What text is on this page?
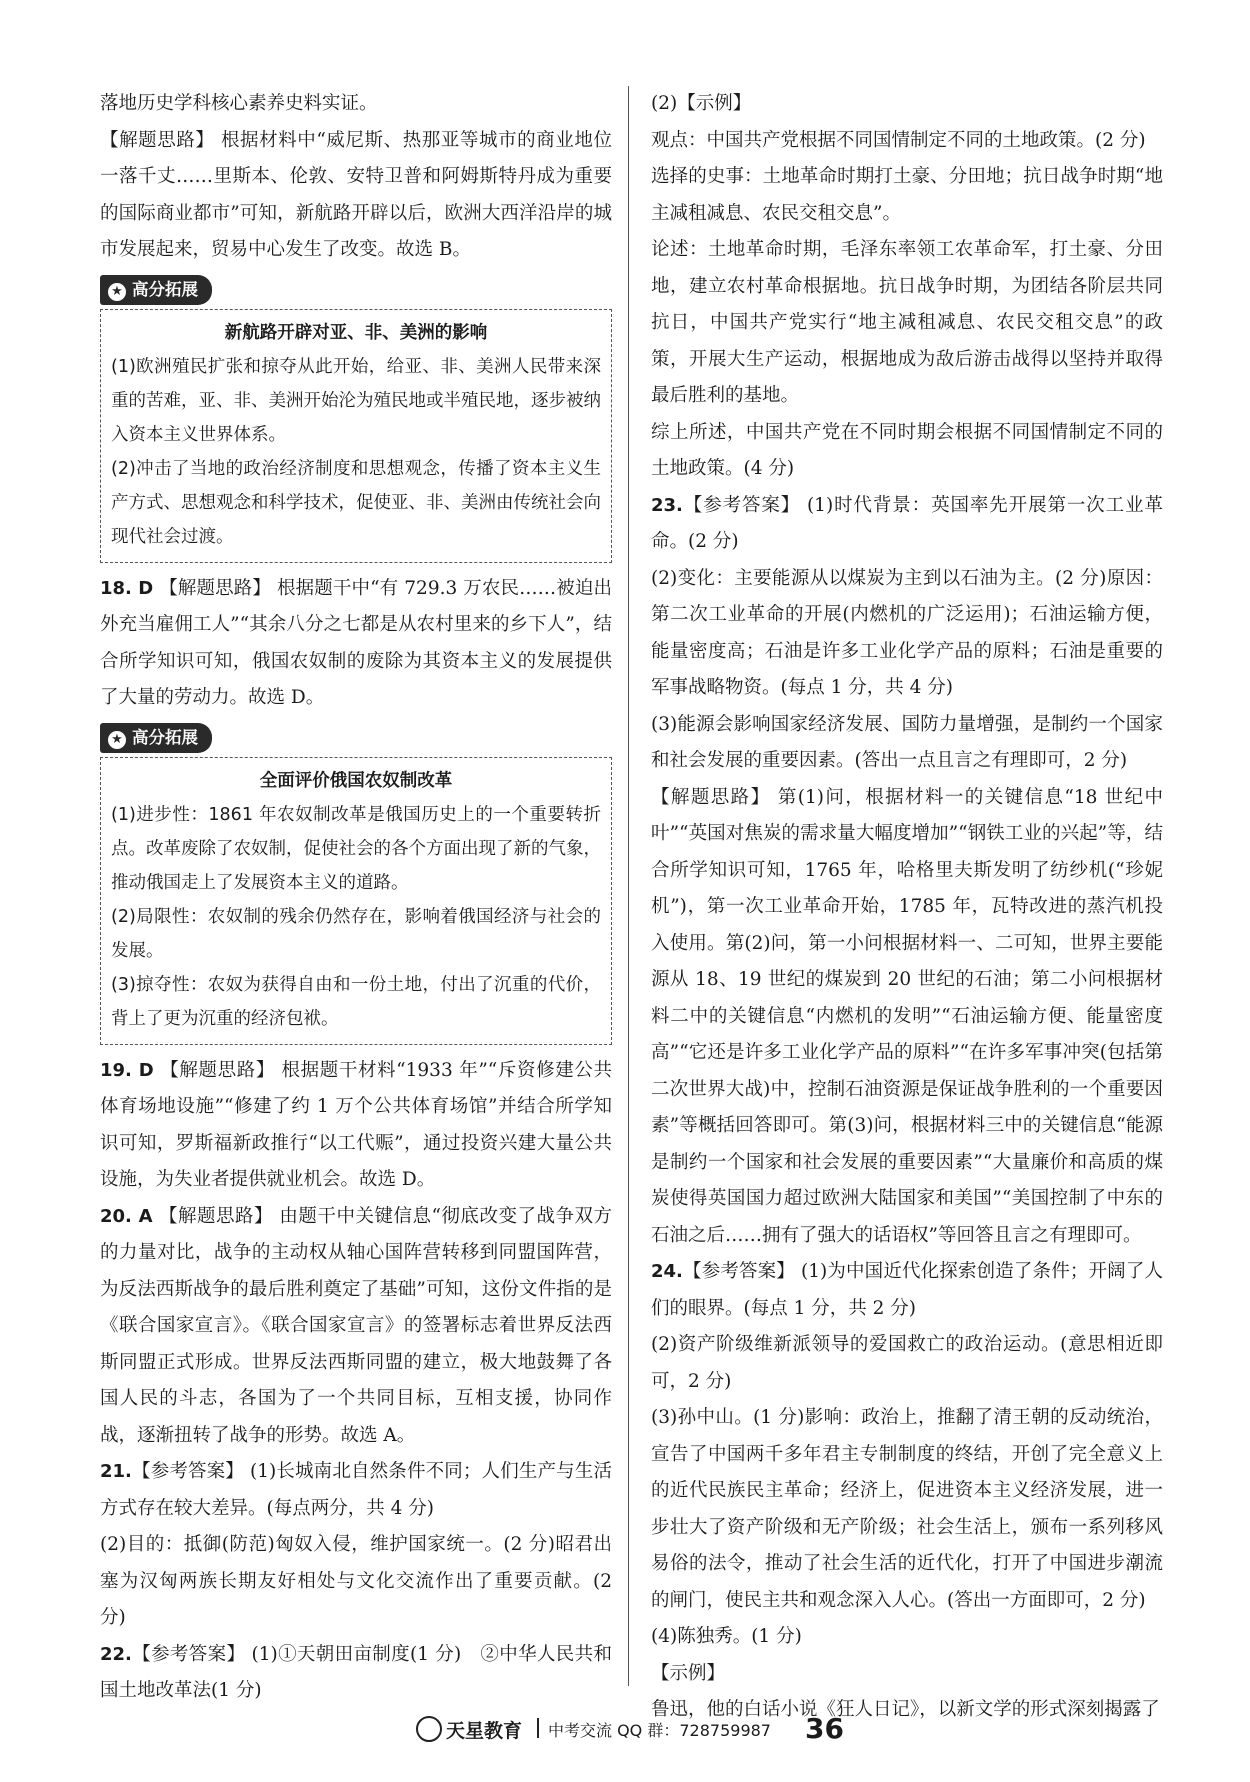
落地历史学科核心素养史料实证。

【解题思路】 根据材料中“威尼斯、热那亚等城市的商业地位一落千丈……里斯本、伦敦、安特卫普和阿姆斯特丹成为重要的国际商业都市”可知，新航路开辟以后，欧洲大西洋沿岸的城市发展起来，贸易中心发生了改变。故选 B。

★ 高分拓展

新航路开辟对亚、非、美洲的影响

(1)欧洲殖民扩张和掠夺从此开始，给亚、非、美洲人民带来深重的苦难，亚、非、美洲开始沦为殖民地或半殖民地，逐步被纳入资本主义世界体系。

(2)冲击了当地的政治经济制度和思想观念，传播了资本主义生产方式、思想观念和科学技术，促使亚、非、美洲由传统社会向现代社会过渡。

18. D 【解题思路】 根据题干中“有 729.3 万农民……被迫出外充当雇佣工人”“其余八分之七都是从农村里来的乡下人”，结合所学知识可知，俄国农奴制的废除为其资本主义的发展提供了大量的劳动力。故选 D。

★ 高分拓展

全面评价俄国农奴制改革

(1)进步性：1861 年农奴制改革是俄国历史上的一个重要转折点。改革废除了农奴制，促使社会的各个方面出现了新的气象，推动俄国走上了发展资本主义的道路。

(2)局限性：农奴制的残余仍然存在，影响着俄国经济与社会的发展。

(3)掠夺性：农奴为获得自由和一份土地，付出了沉重的代价，背上了更为沉重的经济包袱。

19. D 【解题思路】 根据题干材料“1933 年”“斥资修建公共体育场地设施”“修建了约 1 万个公共体育场馆”并结合所学知识可知，罗斯福新政推行“以工代赈”，通过投资兴建大量公共设施，为失业者提供就业机会。故选 D。

20. A 【解题思路】 由题干中关键信息“彻底改变了战争双方的力量对比，战争的主动权从轴心国阵营转移到同盟国阵营，为反法西斯战争的最后胜利奠定了基础”可知，这份文件指的是《联合国家宣言》。《联合国家宣言》的签署标志着世界反法西斯同盟正式形成。世界反法西斯同盟的建立，极大地鼓舞了各国人民的斗志，各国为了一个共同目标，互相支援，协同作战，逐渐扭转了战争的形势。故选 A。

21.【参考答案】 (1)长城南北自然条件不同；人们生产与生活方式存在较大差异。(每点两分，共 4 分)

(2)目的：抵御(防范)匈奴入侵，维护国家统一。(2 分)昭君出塞为汉匈两族长期友好相处与文化交流作出了重要贡献。(2 分)

22.【参考答案】 (1)①天朝田亩制度(1 分)　②中华人民共和国土地改革法(1 分)

(2)【示例】

观点：中国共产党根据不同国情制定不同的土地政策。(2 分)

选择的史事：土地革命时期打土豪、分田地；抗日战争时期“地主减租减息、农民交租交息”。

论述：土地革命时期，毛泽东率领工农革命军，打土豪、分田地，建立农村革命根据地。抗日战争时期，为团结各阶层共同抗日，中国共产党实行“地主减租减息、农民交租交息”的政策，开展大生产运动，根据地成为敌后游击战得以坚持并取得最后胜利的基地。

综上所述，中国共产党在不同时期会根据不同国情制定不同的土地政策。(4 分)

23.【参考答案】 (1)时代背景：英国率先开展第一次工业革命。(2 分)

(2)变化：主要能源从以煤炭为主到以石油为主。(2 分)原因：第二次工业革命的开展(内燃机的广泛运用)；石油运输方便，能量密度高；石油是许多工业化学产品的原料；石油是重要的军事战略物资。(每点 1 分，共 4 分)

(3)能源会影响国家经济发展、国防力量增强，是制约一个国家和社会发展的重要因素。(答出一点且言之有理即可，2 分)

【解题思路】 第(1)问，根据材料一的关键信息“18 世纪中叶”“英国对焦炭的需求量大幅度增加”“钢铁工业的兴起”等，结合所学知识可知，1765 年，哈格里夫斯发明了纺纱机(“珍妮机”)，第一次工业革命开始，1785 年，瓦特改进的蒸汽机投入使用。第(2)问，第一小问根据材料一、二可知，世界主要能源从 18、19 世纪的煤炭到 20 世纪的石油；第二小问根据材料二中的关键信息“内燃机的发明”“石油运输方便、能量密度高”“它还是许多工业化学产品的原料”“在许多军事冲突(包括第二次世界大战)中，控制石油资源是保证战争胜利的一个重要因素”等概括回答即可。第(3)问，根据材料三中的关键信息“能源是制约一个国家和社会发展的重要因素”“大量廉价和高质的煤炭使得英国国力超过欧洲大陆国家和美国”“美国控制了中东的石油之后……拥有了强大的话语权”等回答且言之有理即可。

24.【参考答案】 (1)为中国近代化探索创造了条件；开阔了人们的眼界。(每点 1 分，共 2 分)

(2)资产阶级维新派领导的爱国救亡的政治运动。(意思相近即可，2 分)

(3)孙中山。(1 分)影响：政治上，推翻了清王朝的反动统治，宣告了中国两千多年君主专制制度的终结，开创了完全意义上的近代民族民主革命；经济上，促进资本主义经济发展，进一步壮大了资产阶级和无产阶级；社会生活上，颁布一系列移风易俗的法令，推动了社会生活的近代化，打开了中国进步潮流的闸门，使民主共和观念深入人心。(答出一方面即可，2 分)

(4)陈独秀。(1 分)

【示例】

鲁迅，他的白话小说《狂人日记》，以新文学的形式深刻揭露了

天星教育 中考交流 QQ 群：728759987 36
